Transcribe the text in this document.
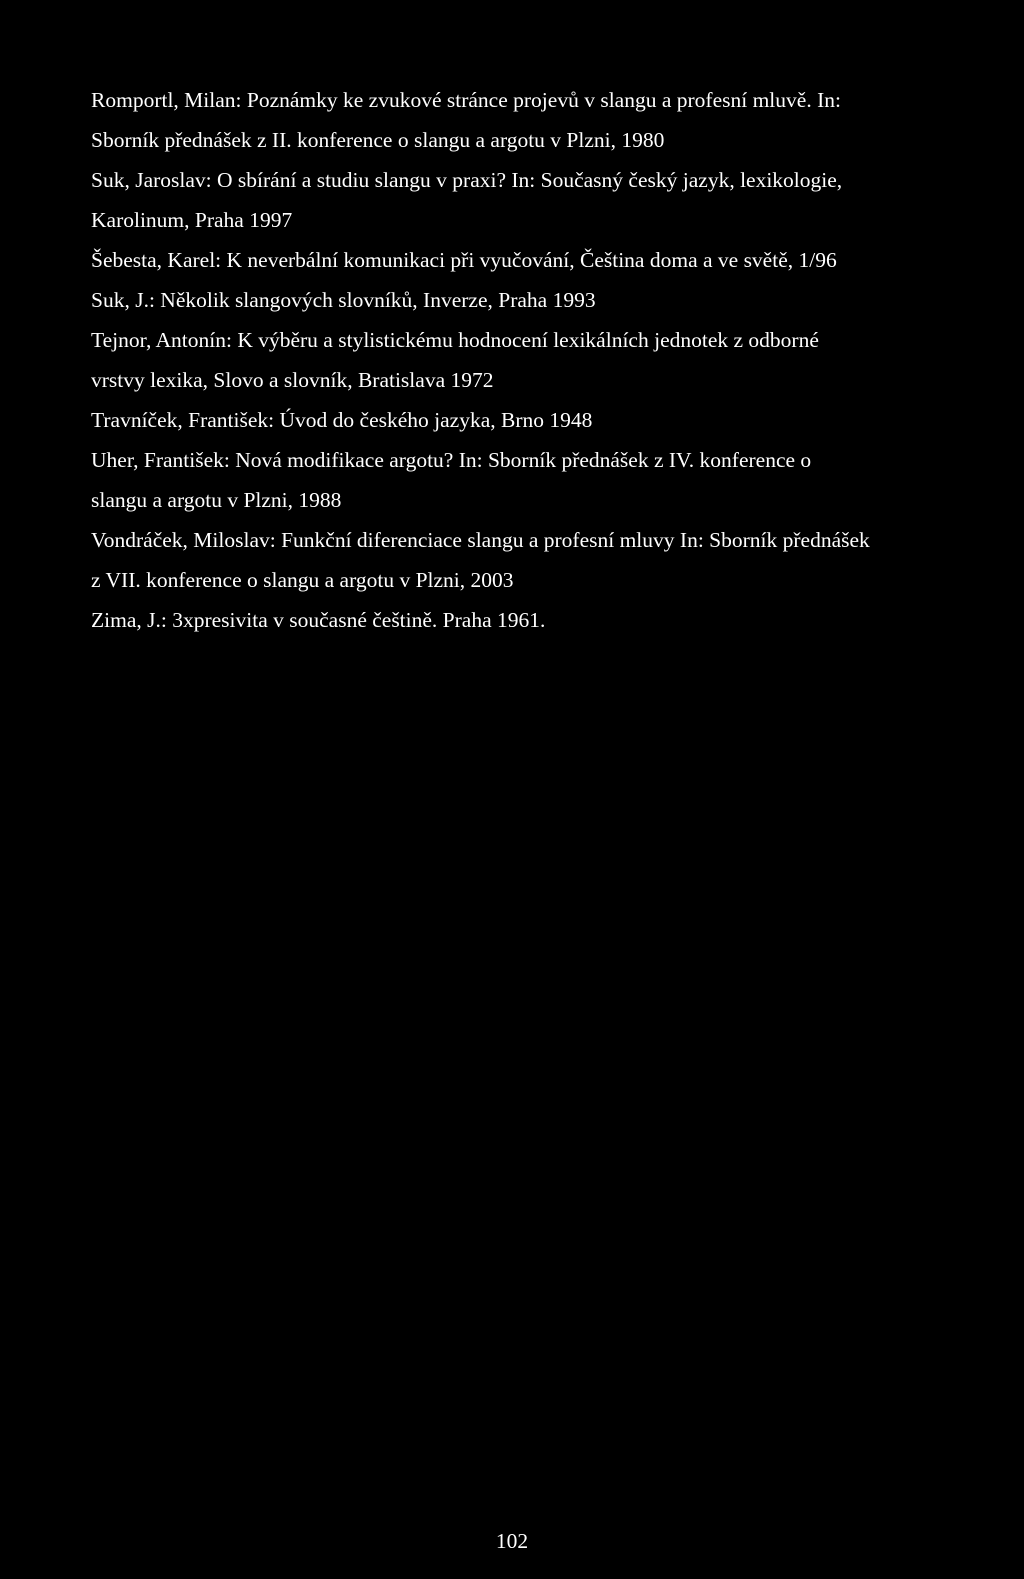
Romportl, Milan: Poznámky ke zvukové stránce projevů v slangu a profesní mluvě. In:

Sborník přednášek z II. konference o slangu a argotu v Plzni, 1980

Suk, Jaroslav: O sbírání a studiu slangu v praxi? In: Současný český jazyk, lexikologie,

Karolinum, Praha 1997

Šebesta, Karel: K neverbální komunikaci při vyučování, Čeština doma a ve světě, 1/96

Suk, J.: Několik slangových slovníků, Inverze, Praha 1993

Tejnor, Antonín: K výběru a stylistickému hodnocení lexikálních jednotek z odborné

vrstvy lexika, Slovo a slovník, Bratislava 1972

Travníček, František: Úvod do českého jazyka, Brno 1948

Uher, František: Nová modifikace argotu? In: Sborník přednášek z IV. konference o

slangu a argotu v Plzni, 1988

Vondráček, Miloslav: Funkční diferenciace slangu a profesní mluvy In: Sborník přednášek

z VII. konference o slangu a argotu v Plzni, 2003

Zima, J.: 3xpresivita v současné češtině. Praha 1961.

102
